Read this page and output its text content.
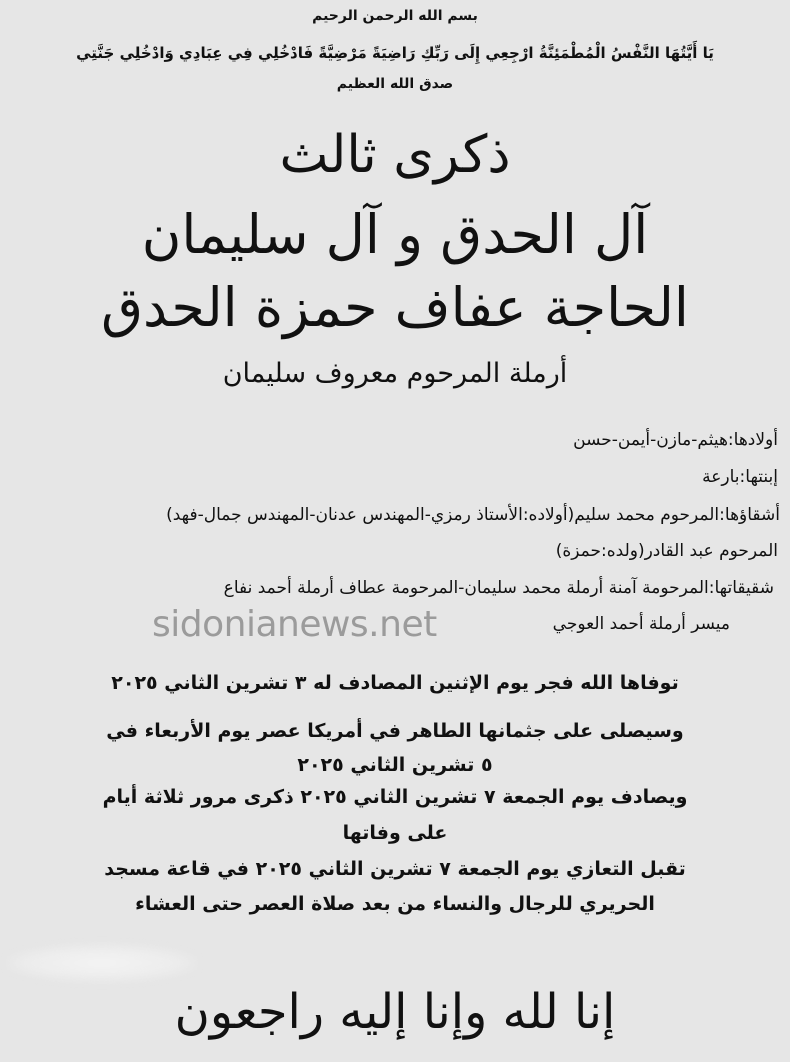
بسم الله الرحمن الرحيم
يَا أَيَّتُهَا النَّفْسُ الْمُطْمَئِنَّةُ ارْجِعِي إِلَى رَبِّكِ رَاضِيَةً مَرْضِيَّةً فَادْخُلِي فِي عِبَادِي وَادْخُلِي جَنَّتِي
صدق الله العظيم
ذكرى ثالث
آل الحدق و آل سليمان
الحاجة عفاف حمزة الحدق
أرملة المرحوم معروف سليمان
أولادها:هيثم-مازن-أيمن-حسن
إبنتها:بارعة
أشقاؤها:المرحوم محمد سليم(أولاده:الأستاذ رمزي-المهندس عدنان-المهندس جمال-فهد)
المرحوم عبد القادر(ولده:حمزة)
شقيقاتها:المرحومة آمنة أرملة محمد سليمان-المرحومة عطاف أرملة أحمد نفاع
ميسر أرملة أحمد العوجي
sidonianews.net
توفاها الله فجر يوم الإثنين المصادف له ٣ تشرين الثاني ٢٠٢٥
وسيصلى على جثمانها الطاهر في أمريكا عصر يوم الأربعاء في
٥ تشرين الثاني ٢٠٢٥
ويصادف يوم الجمعة ٧ تشرين الثاني ٢٠٢٥ ذكرى مرور ثلاثة أيام
على وفاتها
تقبل التعازي يوم الجمعة ٧ تشرين الثاني ٢٠٢٥ في قاعة مسجد
الحريري للرجال والنساء من بعد صلاة العصر حتى العشاء
إنا لله وإنا إليه راجعون
